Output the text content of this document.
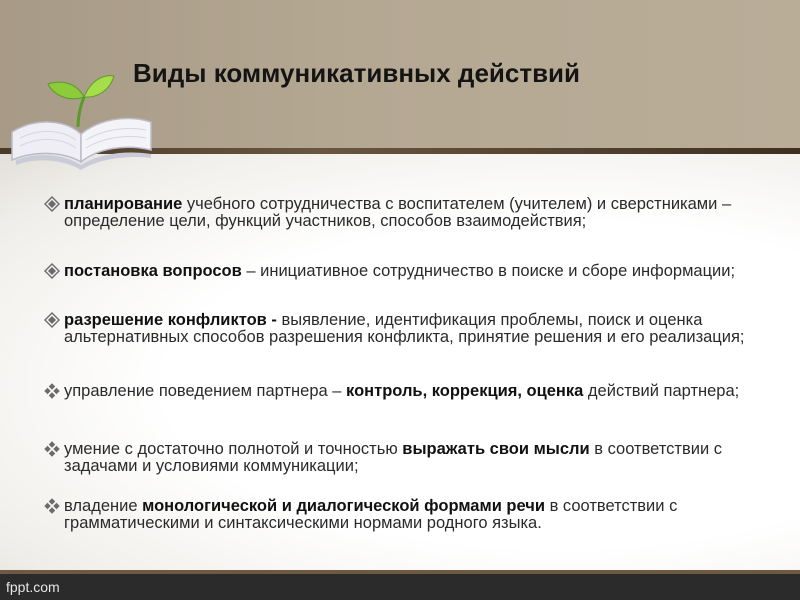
Виды коммуникативных действий
планирование учебного сотрудничества с воспитателем (учителем) и сверстниками – определение цели, функций участников, способов взаимодействия;
постановка вопросов – инициативное сотрудничество в поиске и сборе информации;
разрешение конфликтов - выявление, идентификация проблемы, поиск и оценка альтернативных способов разрешения конфликта, принятие решения и его реализация;
управление поведением партнера – контроль, коррекция, оценка действий партнера;
умение с достаточно полнотой и точностью выражать свои мысли в соответствии с задачами и условиями коммуникации;
владение монологической и диалогической формами речи в соответствии с грамматическими и синтаксическими нормами родного языка.
fppt.com
